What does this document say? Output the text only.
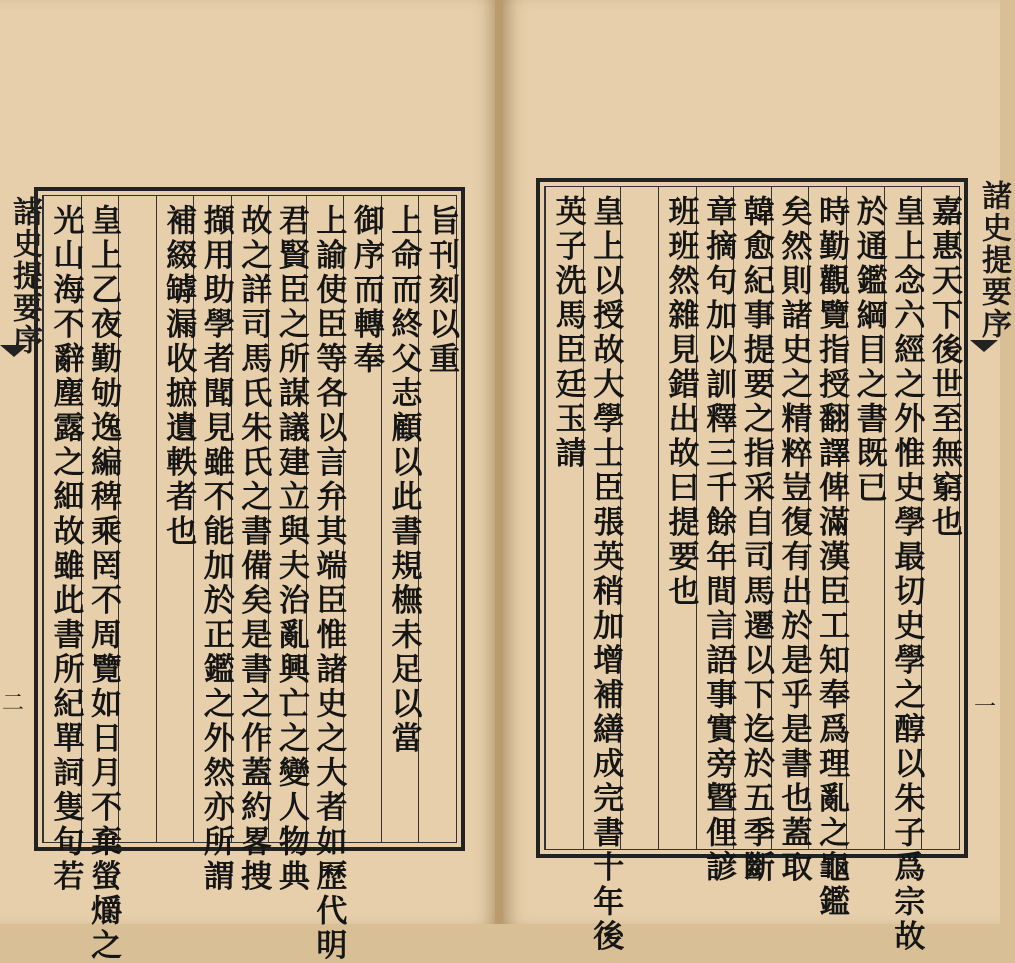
諸史提要序
二
旨刊刻以重
上命而終父志顧以此書規橅未足以當
御序而轉奉
上諭使臣等各以言弁其端臣惟諸史之大者如歷代明
君賢臣之所謀議建立與夫治亂興亡之變人物典
故之詳司馬氏朱氏之書備矣是書之作蓋約畧捜
擷用助學者聞見雖不能加於正鑑之外然亦所謂
補綴罅漏收摭遺軼者也
皇上乙夜勤劬逸編稗乘罔不周覽如日月不棄螢爝之
光山海不辭塵露之細故雖此書所紀單詞隻句若	諸史提要序
一
嘉惠天下後世至無窮也
皇上念六經之外惟史學最切史學之醇以朱子爲宗故
於通鑑綱目之書既已
時勤觀覽指授翻譯俾滿漢臣工知奉爲理亂之龜鑑
矣然則諸史之精粹豈復有出於是乎是書也蓋取
韓愈紀事提要之指采自司馬遷以下迄於五季斷
章摘句加以訓釋三千餘年間言語事實旁曁俚諺
班班然雜見錯出故曰提要也
皇上以授故大學士臣張英稍加增補繕成完書十年後
英子洗馬臣廷玉請
